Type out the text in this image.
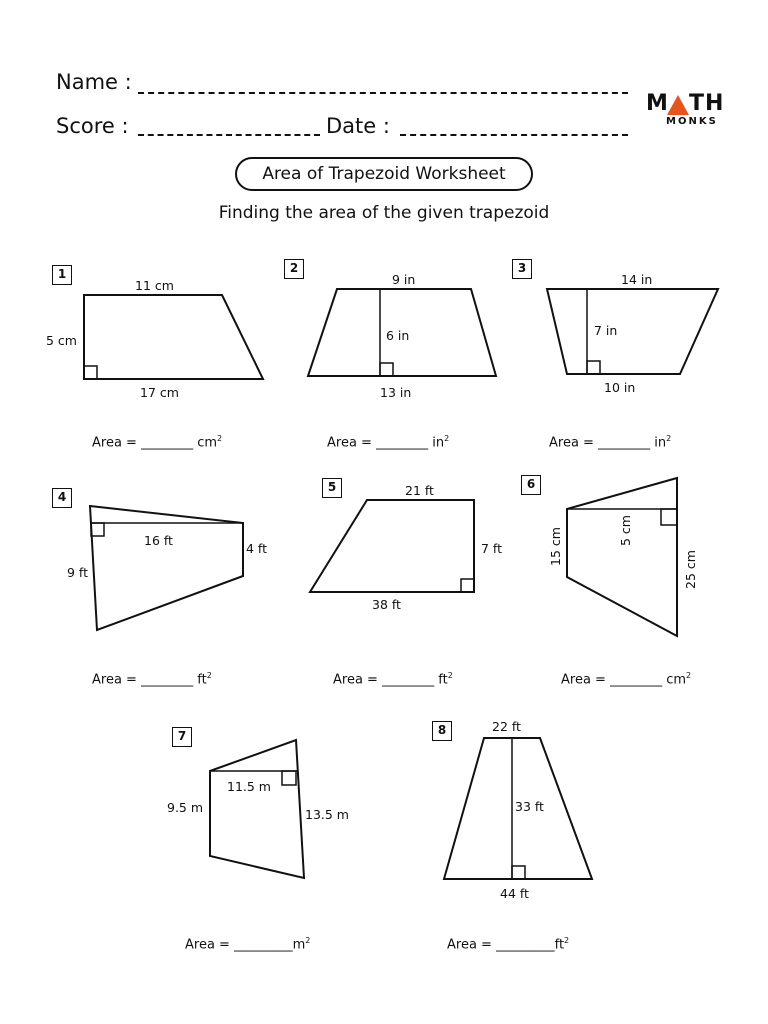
Name :
Score :	Date :
M TH
MONKS
Area of Trapezoid Worksheet
Finding the area of the given trapezoid
1	2	3
4
5	6
7	8
11 cm
5 cm
17 cm
9 in
6 in
13 in
14 in
7 in
10 in
16 ft
4 ft
9 ft
21 ft
7 ft
38 ft
15 cm	5 cm
25 cm
11.5 m
9.5 m	13.5 m
22 ft
33 ft
44 ft
Area = ________ $cm^2$	Area = ________ $in^2$	Area = ________ $in^2$
Area = ________ $ft^2$	Area = ________ $ft^2$	Area = ________ $cm^2$
Area = $\_\_\_\_\_\_\_\_\_m^2$	Area = $\_\_\_\_\_\_\_\_\_ft^2$
